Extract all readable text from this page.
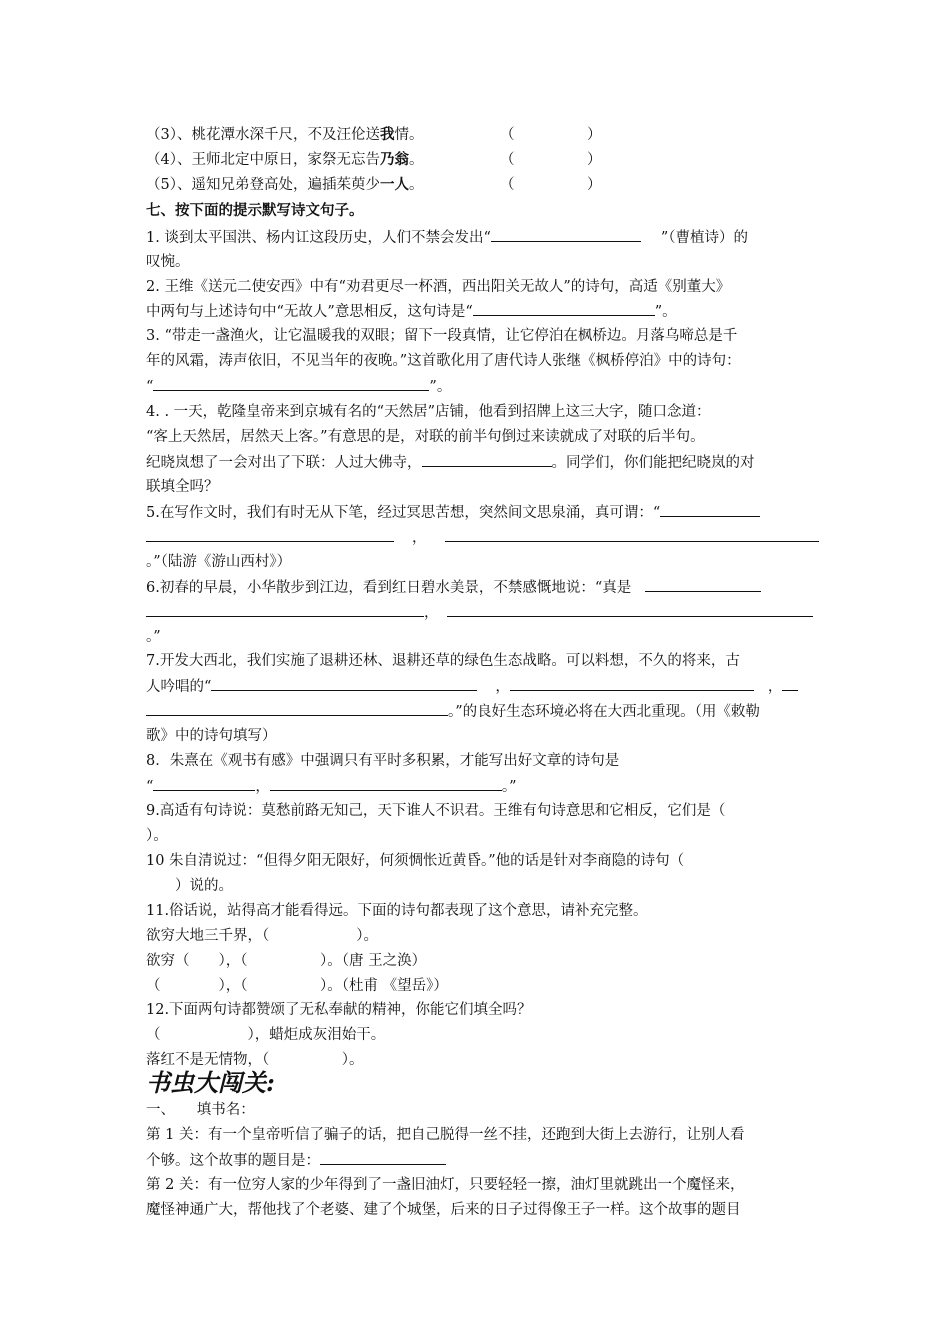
（3）、桃花潭水深千尺，不及汪伦送我情。	（　　　　　）
（4）、王师北定中原日，家祭无忘告乃翁。	（　　　　　）
（5）、遥知兄弟登高处，遍插茱萸少一人。	（　　　　　）
七、按下面的提示默写诗文句子。
1. 谈到太平国洪、杨内讧这段历史，人们不禁会发出“	”（曹植诗）的
叹惋。
2. 王维《送元二使安西》中有“劝君更尽一杯酒，西出阳关无故人”的诗句，高适《别董大》
中两句与上述诗句中“无故人”意思相反，这句诗是“	”。
3. “带走一盏渔火，让它温暖我的双眼；留下一段真情，让它停泊在枫桥边。月落乌啼总是千
年的风霜，涛声依旧，不见当年的夜晚。”这首歌化用了唐代诗人张继《枫桥停泊》中的诗句：
“	”。
4. . 一天，乾隆皇帝来到京城有名的“天然居”店铺，他看到招牌上这三大字，随口念道：
“客上天然居，居然天上客。”有意思的是，对联的前半句倒过来读就成了对联的后半句。
纪晓岚想了一会对出了下联：人过大佛寺，	。同学们，你们能把纪晓岚的对
联填全吗？
5.在写作文时，我们有时无从下笔，经过冥思苦想，突然间文思泉涌，真可谓：“
，
。”（陆游《游山西村》）
6.初春的早晨，小华散步到江边，看到红日碧水美景，不禁感慨地说：“真是
，
。”
7.开发大西北，我们实施了退耕还林、退耕还草的绿色生态战略。可以料想，不久的将来，古
人吟唱的“	，	，
。”的良好生态环境必将在大西北重现。（用《敕勒
歌》中的诗句填写）
8．朱熹在《观书有感》中强调只有平时多积累，才能写出好文章的诗句是
“	，	。”
9.高适有句诗说：莫愁前路无知己，天下谁人不识君。王维有句诗意思和它相反，它们是（
）。
10 朱自清说过：“但得夕阳无限好，何须惆怅近黄昏。”他的话是针对李商隐的诗句（
　　）说的。
11.俗话说，站得高才能看得远。下面的诗句都表现了这个意思，请补充完整。
欲穷大地三千界，（　　　　　　）。
欲穷（　　），（　　　　　）。（唐 王之涣）
（　　　　），（　　　　　）。（杜甫 《望岳》）
12.下面两句诗都赞颂了无私奉献的精神，你能它们填全吗？
（　　　　　　），蜡炬成灰泪始干。
落红不是无情物，（　　　　　）。
书虫大闯关:
一、　　填书名：
第 1 关：有一个皇帝听信了骗子的话，把自己脱得一丝不挂，还跑到大街上去游行，让别人看
个够。这个故事的题目是：
第 2 关：有一位穷人家的少年得到了一盏旧油灯，只要轻轻一擦，油灯里就跳出一个魔怪来，
魔怪神通广大，帮他找了个老婆、建了个城堡，后来的日子过得像王子一样。这个故事的题目
